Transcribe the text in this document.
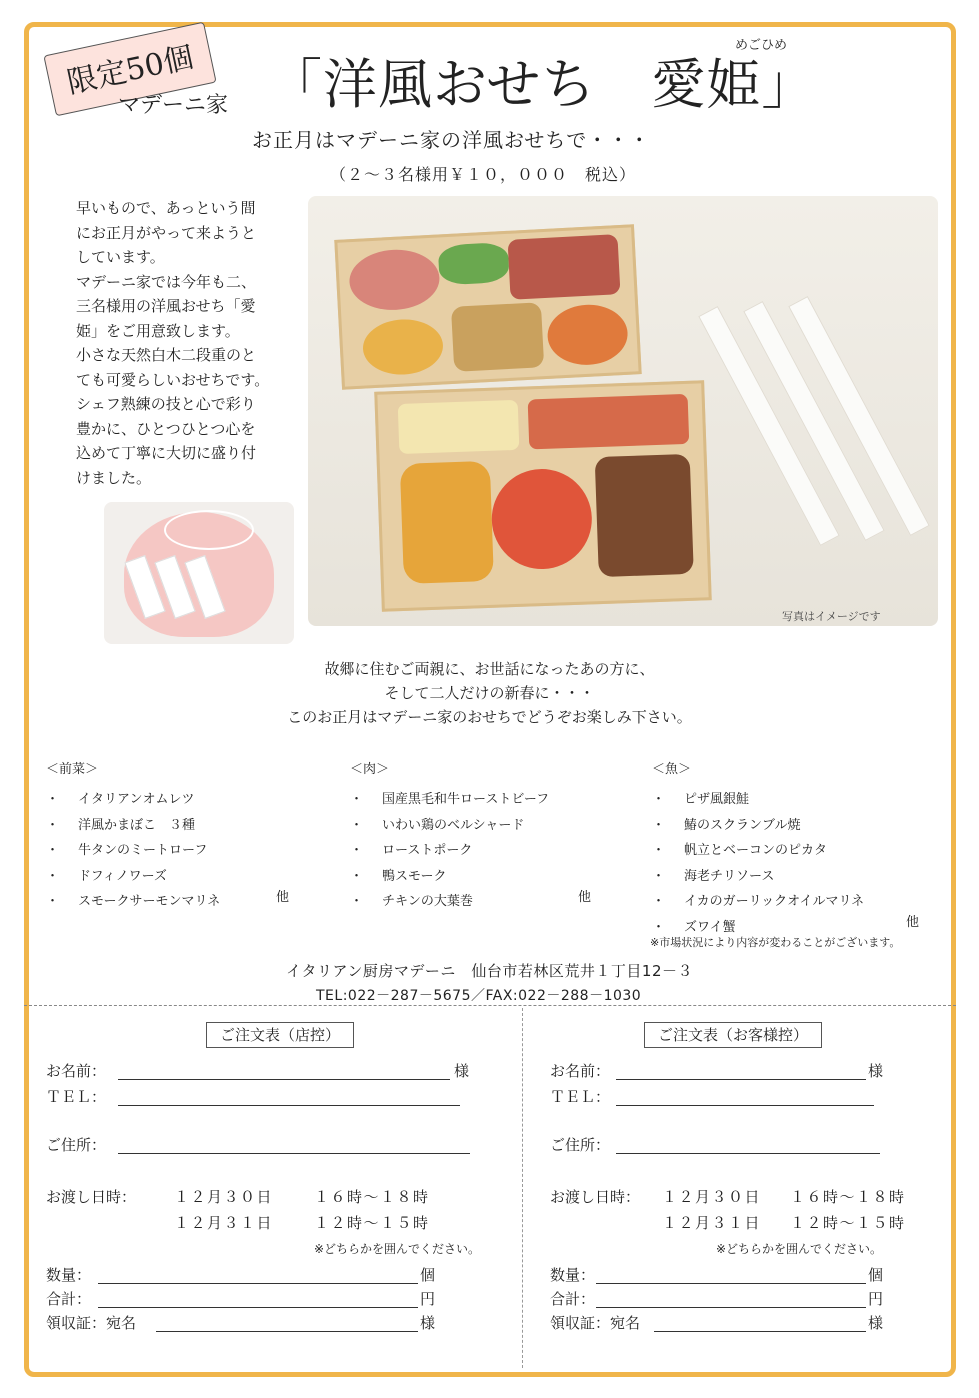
限定50個
マデーニ家
めごひめ
「洋風おせち　愛姫」
お正月はマデーニ家の洋風おせちで・・・
（２～３名様用￥１０，０００　税込）
早いもので、あっという間
にお正月がやって来ようと
しています。
マデーニ家では今年も二、
三名様用の洋風おせち「愛
姫」をご用意致します。
小さな天然白木二段重のと
ても可愛らしいおせちです。
シェフ熟練の技と心で彩り
豊かに、ひとつひとつ心を
込めて丁寧に大切に盛り付
けました。
写真はイメージです
故郷に住むご両親に、お世話になったあの方に、
そして二人だけの新春に・・・
このお正月はマデーニ家のおせちでどうぞお楽しみ下さい。
＜前菜＞
・ イタリアンオムレツ
・ 洋風かまぼこ　３種
・ 牛タンのミートローフ
・ ドフィノワーズ
・ スモークサーモンマリネ	他
＜肉＞
・ 国産黒毛和牛ローストビーフ
・ いわい鶏のベルシャード
・ ローストポーク
・ 鴨スモーク
・ チキンの大葉巻	他
＜魚＞
・ ピザ風銀鮭
・ 鰆のスクランブル焼
・ 帆立とベーコンのピカタ
・ 海老チリソース
・ イカのガーリックオイルマリネ
・ ズワイ蟹	他
※市場状況により内容が変わることがございます。
イタリアン厨房マデーニ　仙台市若林区荒井１丁目12－３
TEL:022－287－5675／FAX:022－288－1030
ご注文表（店控）
お名前：	様
ＴＥＬ：
ご住所：
お渡し日時：	１２月３０日	１６時～１８時
１２月３１日	１２時～１５時
※どちらかを囲んでください。
数量：	個
合計：	円
領収証：宛名	様
ご注文表（お客様控）
お名前：	様
ＴＥＬ：
ご住所：
お渡し日時： １２月３０日 １６時～１８時
１２月３１日 １２時～１５時
※どちらかを囲んでください。
数量：	個
合計：	円
領収証：宛名	様
